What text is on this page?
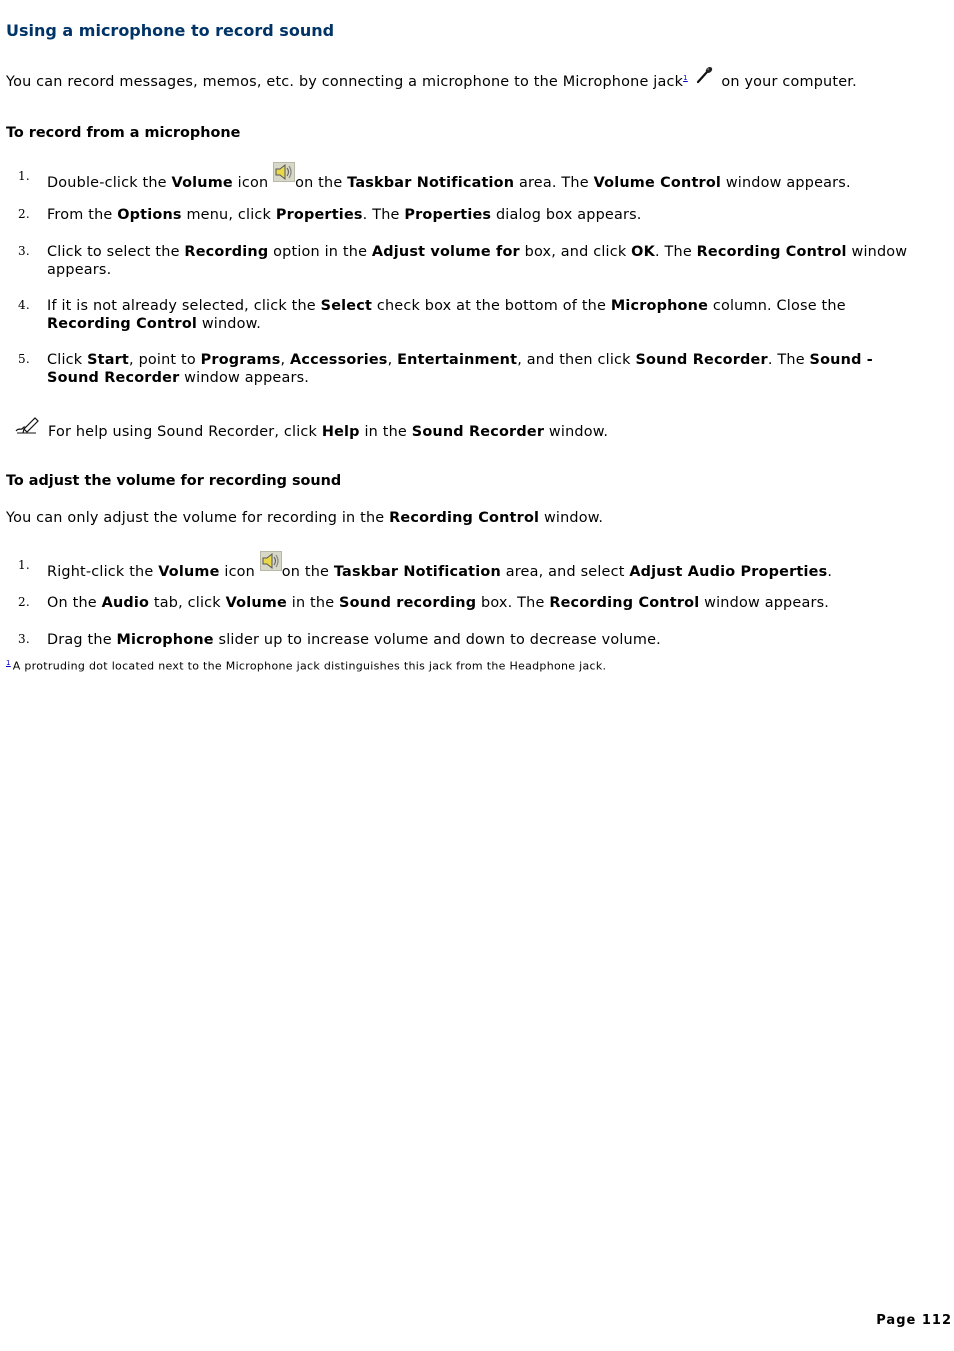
Using a microphone to record sound
You can record messages, memos, etc. by connecting a microphone to the Microphone jack$^1$  on your computer.
To record from a microphone
1. Double-click the Volume icon on the Taskbar Notification area. The Volume Control window appears.
2. From the Options menu, click Properties. The Properties dialog box appears.
3. Click to select the Recording option in the Adjust volume for box, and click OK. The Recording Control window appears.
4. If it is not already selected, click the Select check box at the bottom of the Microphone column. Close the Recording Control window.
5. Click Start, point to Programs, Accessories, Entertainment, and then click Sound Recorder. The Sound - Sound Recorder window appears.
For help using Sound Recorder, click Help in the Sound Recorder window.
To adjust the volume for recording sound
You can only adjust the volume for recording in the Recording Control window.
1. Right-click the Volume icon on the Taskbar Notification area, and select Adjust Audio Properties.
2. On the Audio tab, click Volume in the Sound recording box. The Recording Control window appears.
3. Drag the Microphone slider up to increase volume and down to decrease volume.
$^1$ A protruding dot located next to the Microphone jack distinguishes this jack from the Headphone jack.
Page 112
